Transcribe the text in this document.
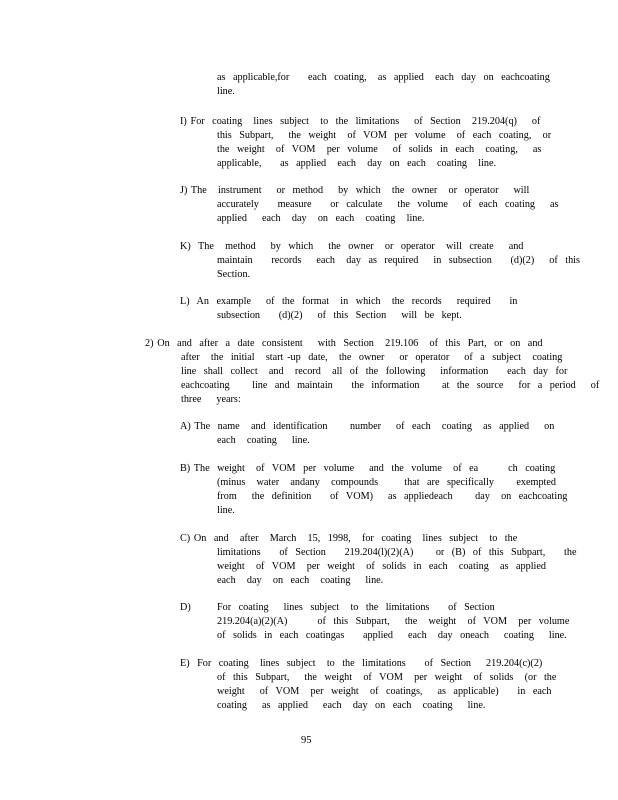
as  applicable,for     each  coating,   as  applied   each  day  on  eachcoating
line.
I) For  coating   lines  subject   to  the  limitations    of  Section   219.204(q)    of
this  Subpart,    the  weight   of  VOM  per  volume   of  each  coating,   or
the  weight   of  VOM   per  volume    of  solids  in  each   coating,    as
applicable,     as  applied   each   day  on  each   coating   line.
J) The   instrument    or  method    by  which   the  owner   or  operator    will
accurately     measure     or  calculate    the  volume    of  each  coating    as
applied    each   day   on  each   coating   line.
K)  The   method    by  which    the  owner   or  operator   will  create    and
maintain     records    each   day  as  required    in  subsection     (d)(2)    of  this
Section.
L)  An  example    of  the  format   in  which   the  records    required     in
subsection     (d)(2)    of  this  Section    will  be  kept.
2) On  and  after  a  date  consistent    with  Section   219.106   of  this  Part,  or  on  and
after   the  initial   start -up  date,   the  owner    or  operator    of  a  subject   coating
line  shall  collect   and   record   all  of  the  following    information     each  day  for
eachcoating      line  and  maintain     the  information      at  the  source    for  a  period    of
three    years:
A) The  name   and  identification      number    of  each   coating   as  applied    on
each   coating    line.
B) The  weight   of  VOM  per  volume    and  the  volume   of  ea        ch  coating
(minus   water   andany   compounds       that  are  specifically      exempted
from    the  definition     of  VOM)    as  appliedeach      day   on  eachcoating
line.
C) On  and   after   March   15,  1998,   for  coating   lines  subject   to  the
limitations     of  Section     219.204(l)(2)(A)      or  (B)  of  this  Subpart,     the
weight   of  VOM   per  weight   of  solids  in  each   coating   as  applied
each   day   on  each   coating    line.
D)	For  coating    lines  subject   to  the  limitations     of  Section
219.204(a)(2)(A)        of  this  Subpart,    the   weight   of  VOM   per  volume
of  solids  in  each  coatingas     applied    each   day  oneach    coating    line.
E)  For  coating   lines  subject   to  the  limitations     of  Section    219.204(c)(2)
of  this  Subpart,    the  weight   of  VOM   per  weight   of  solids   (or  the
weight    of  VOM   per  weight   of  coatings,    as  applicable)     in  each
coating    as  applied    each   day  on  each   coating    line.
95
